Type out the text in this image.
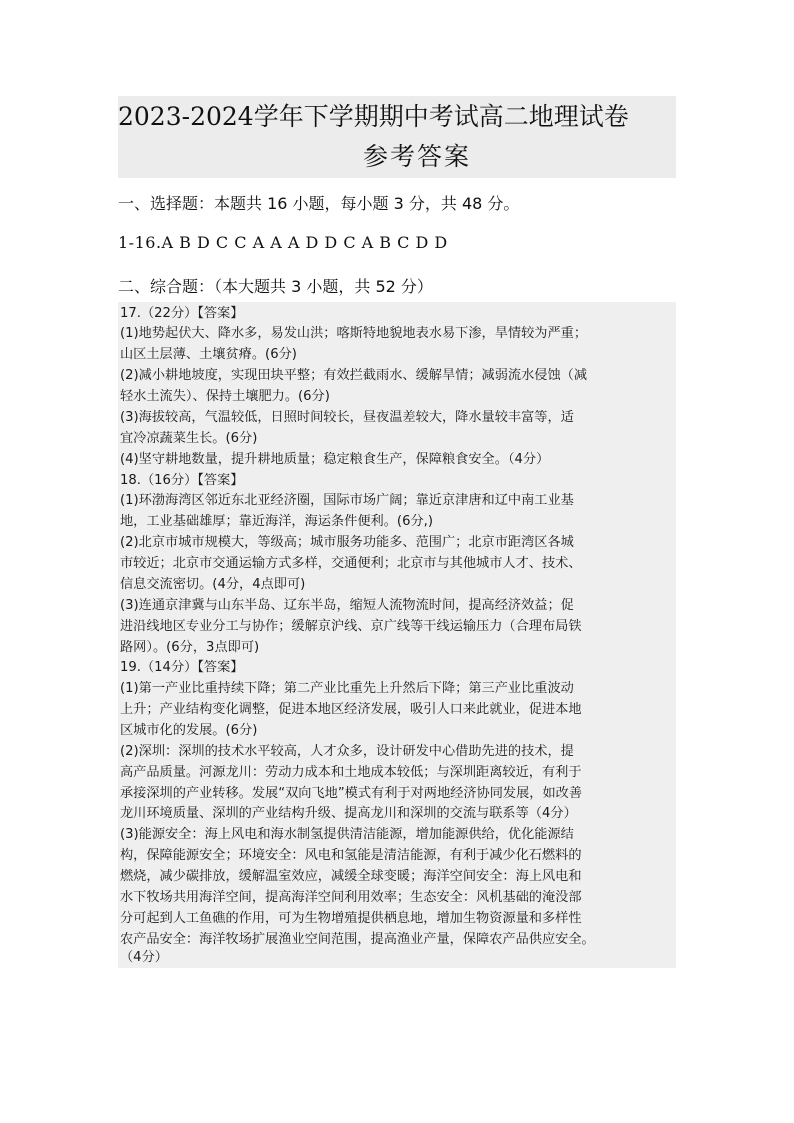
2023-2024学年下学期期中考试高二地理试卷
参考答案
一、选择题：本题共 16 小题，每小题 3 分，共 48 分。
1-16.A B D C C A A A D D C A B C D D
二、综合题：（本大题共 3 小题，共 52 分）
17.（22分）【答案】
(1)地势起伏大、降水多，易发山洪；喀斯特地貌地表水易下渗，旱情较为严重；
山区土层薄、土壤贫瘠。(6分)
(2)减小耕地坡度，实现田块平整；有效拦截雨水、缓解旱情；减弱流水侵蚀（减
轻水土流失）、保持土壤肥力。(6分)
(3)海拔较高，气温较低，日照时间较长，昼夜温差较大，降水量较丰富等，适
宜冷凉蔬菜生长。(6分)
(4)坚守耕地数量，提升耕地质量；稳定粮食生产，保障粮食安全。（4分）
18.（16分）【答案】
(1)环渤海湾区邻近东北亚经济圈，国际市场广阔；靠近京津唐和辽中南工业基
地，工业基础雄厚；靠近海洋，海运条件便利。(6分,)
(2)北京市城市规模大，等级高；城市服务功能多、范围广；北京市距湾区各城
市较近；北京市交通运输方式多样，交通便利；北京市与其他城市人才、技术、
信息交流密切。(4分，4点即可)
(3)连通京津冀与山东半岛、辽东半岛，缩短人流物流时间，提高经济效益；促
进沿线地区专业分工与协作；缓解京沪线、京广线等干线运输压力（合理布局铁
路网）。(6分，3点即可)
19.（14分）【答案】
(1)第一产业比重持续下降；第二产业比重先上升然后下降；第三产业比重波动
上升；产业结构变化调整，促进本地区经济发展，吸引人口来此就业，促进本地
区城市化的发展。(6分)
(2)深圳：深圳的技术水平较高，人才众多，设计研发中心借助先进的技术，提
高产品质量。河源龙川：劳动力成本和土地成本较低；与深圳距离较近，有利于
承接深圳的产业转移。发展“双向飞地”模式有利于对两地经济协同发展，如改善
龙川环境质量、深圳的产业结构升级、提高龙川和深圳的交流与联系等（4分）
(3)能源安全：海上风电和海水制氢提供清洁能源，增加能源供给，优化能源结
构，保障能源安全；环境安全：风电和氢能是清洁能源，有利于减少化石燃料的
燃烧，减少碳排放，缓解温室效应，减缓全球变暖；海洋空间安全：海上风电和
水下牧场共用海洋空间，提高海洋空间利用效率；生态安全：风机基础的淹没部
分可起到人工鱼礁的作用，可为生物增殖提供栖息地，增加生物资源量和多样性
农产品安全：海洋牧场扩展渔业空间范围，提高渔业产量，保障农产品供应安全。
（4分）
